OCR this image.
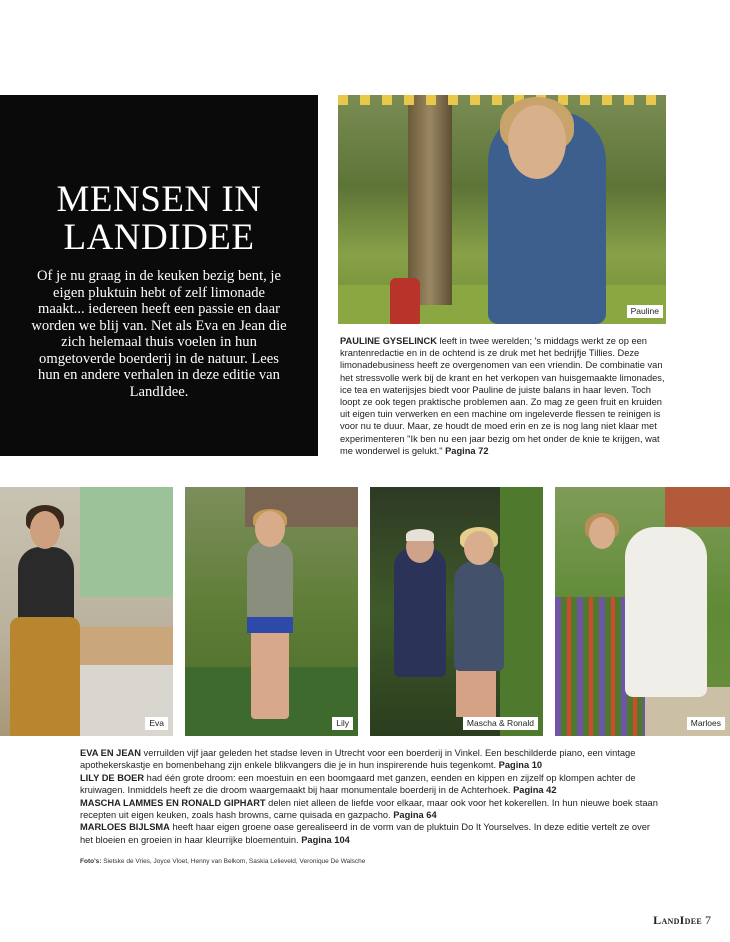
MENSEN IN
LANDIDEE

Of je nu graag in de keuken bezig bent, je eigen pluktuin hebt of zelf limonade maakt... iedereen heeft een passie en daar worden we blij van. Net als Eva en Jean die zich helemaal thuis voelen in hun omgetoverde boerderij in de natuur. Lees hun en andere verhalen in deze editie van LandIdee.

Pauline
PAULINE GYSELINCK leeft in twee werelden; 's middags werkt ze op een krantenredactie en in de ochtend is ze druk met het bedrijfje Tillies. Deze limonadebusiness heeft ze overgenomen van een vriendin. De combinatie van het stressvolle werk bij de krant en het verkopen van huisgemaakte limonades, ice tea en waterijsjes biedt voor Pauline de juiste balans in haar leven. Toch loopt ze ook tegen praktische problemen aan. Zo mag ze geen fruit en kruiden uit eigen tuin verwerken en een machine om ingeleverde flessen te reinigen is voor nu te duur. Maar, ze houdt de moed erin en ze is nog lang niet klaar met experimenteren "Ik ben nu een jaar bezig om het onder de knie te krijgen, wat me wonderwel is gelukt." Pagina 72
Eva	Lily	Mascha & Ronald	Marloes

EVA EN JEAN verruilden vijf jaar geleden het stadse leven in Utrecht voor een boerderij in Vinkel. Een beschilderde piano, een vintage apothekerskastje en bomenbehang zijn enkele blikvangers die je in hun inspirerende huis tegenkomt. Pagina 10

LILY DE BOER had één grote droom: een moestuin en een boomgaard met ganzen, eenden en kippen en zijzelf op klompen achter de kruiwagen. Inmiddels heeft ze die droom waargemaakt bij haar monumentale boerderij in de Achterhoek. Pagina 42

MASCHA LAMMES EN RONALD GIPHART delen niet alleen de liefde voor elkaar, maar ook voor het kokerellen. In hun nieuwe boek staan recepten uit eigen keuken, zoals hash browns, carne quisada en gazpacho. Pagina 64

MARLOES BIJLSMA heeft haar eigen groene oase gerealiseerd in de vorm van de pluktuin Do It Yourselves. In deze editie vertelt ze over het bloeien en groeien in haar kleurrijke bloementuin. Pagina 104

Foto's: Sietske de Vries, Joyce Vloet, Henny van Belkom, Saskia Lelieveld, Veronique De Walsche
LandIdee 7
